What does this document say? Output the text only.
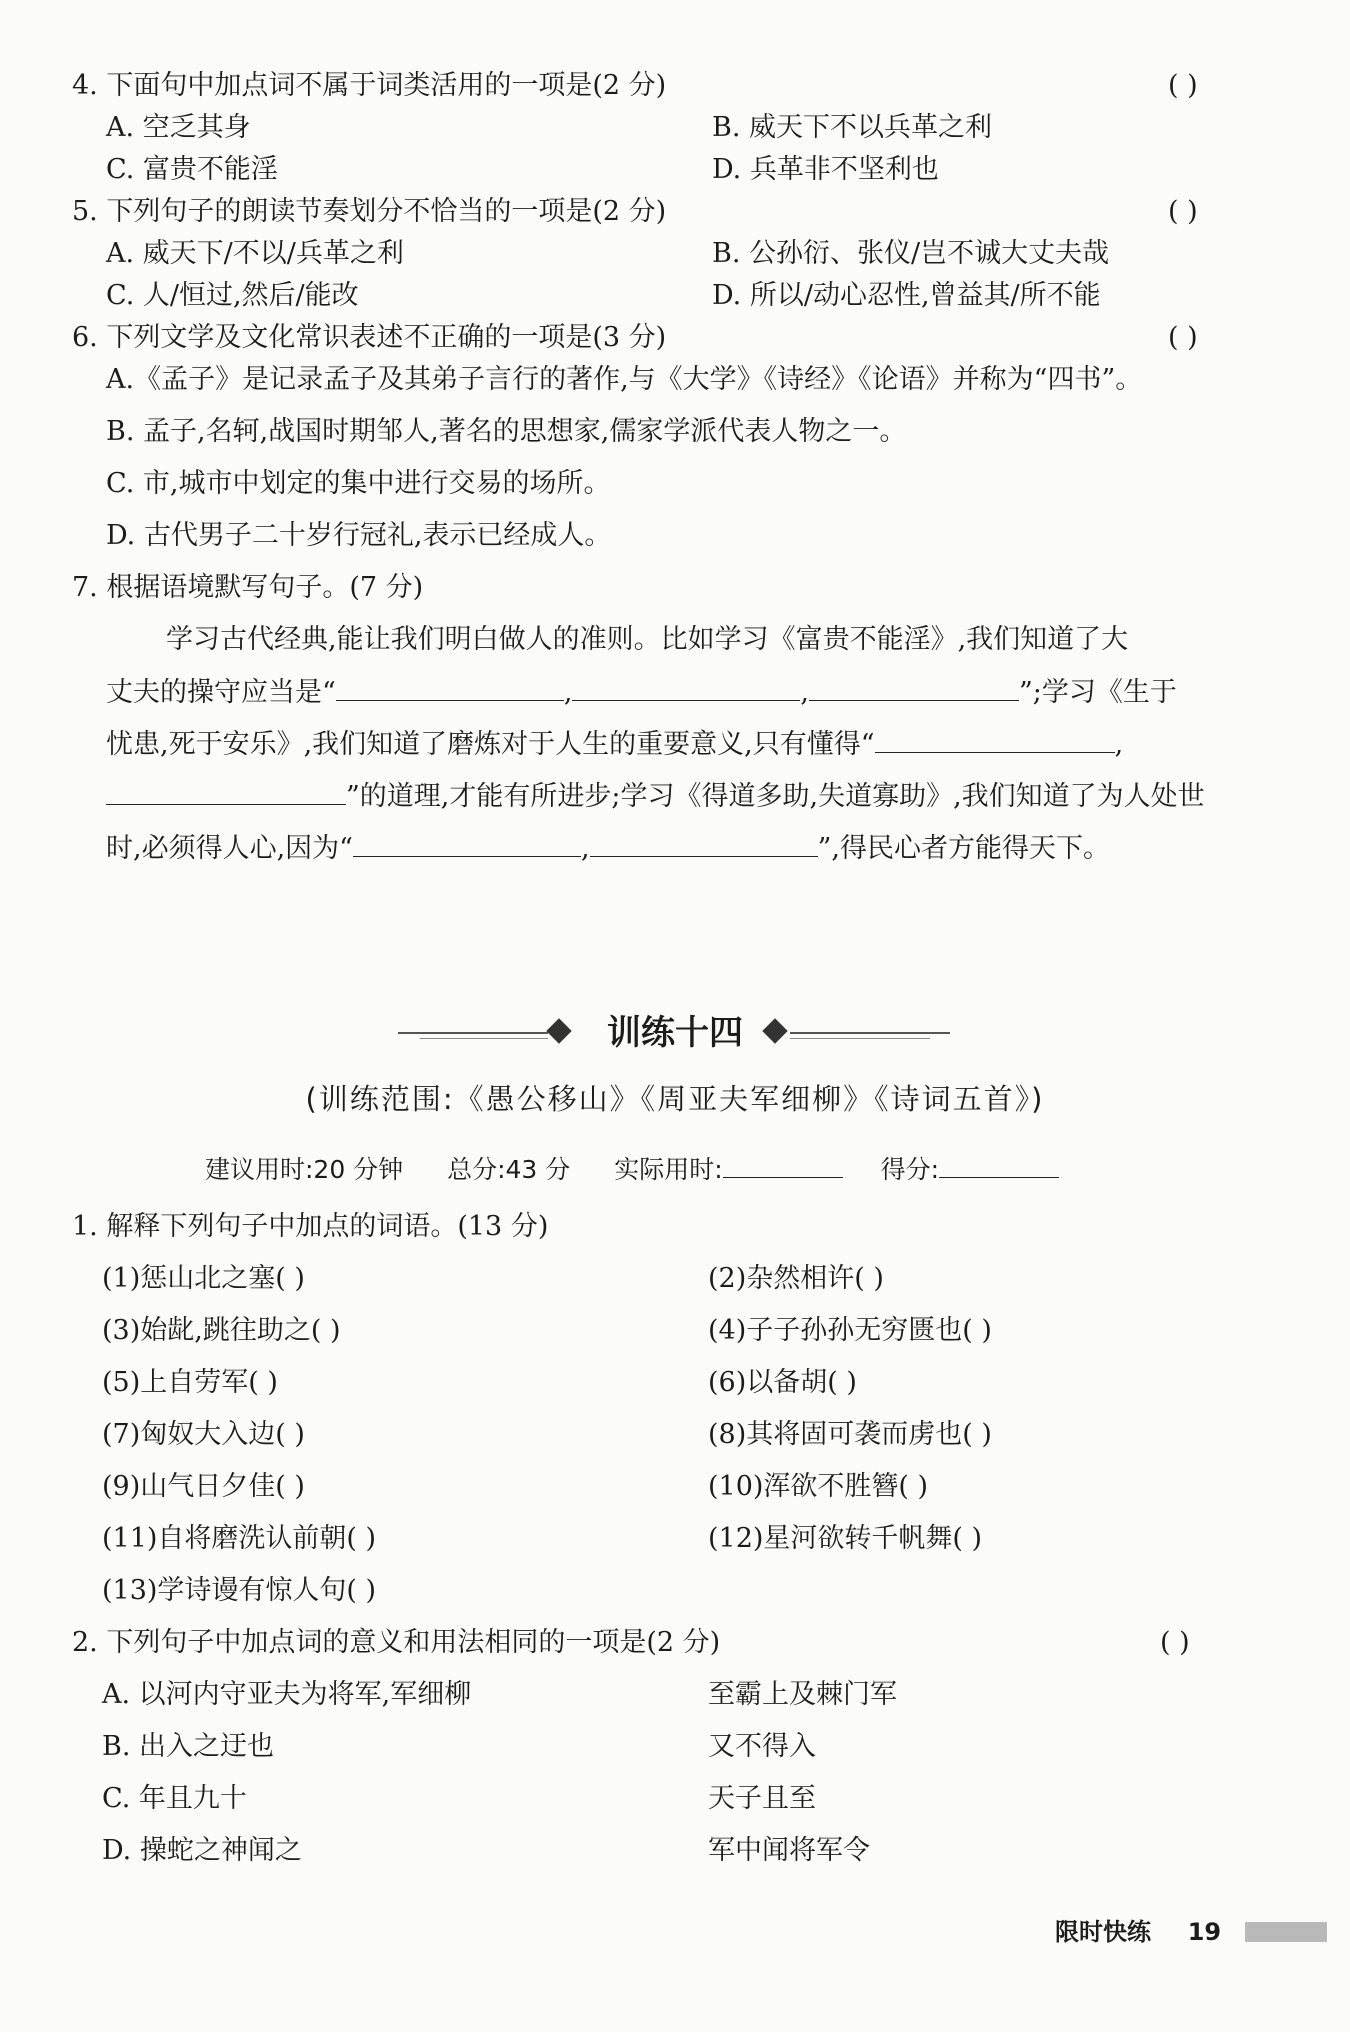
4. 下面句中加点词不属于词类活用的一项是(2 分)	( )
A. 空乏其身	B. 威天下不以兵革之利
C. 富贵不能淫	D. 兵革非不坚利也
5. 下列句子的朗读节奏划分不恰当的一项是(2 分)	( )
A. 威天下/不以/兵革之利	B. 公孙衍、张仪/岂不诚大丈夫哉
C. 人/恒过,然后/能改	D. 所以/动心忍性,曾益其/所不能
6. 下列文学及文化常识表述不正确的一项是(3 分)	( )
A.《孟子》是记录孟子及其弟子言行的著作,与《大学》《诗经》《论语》并称为“四书”。
B. 孟子,名轲,战国时期邹人,著名的思想家,儒家学派代表人物之一。
C. 市,城市中划定的集中进行交易的场所。
D. 古代男子二十岁行冠礼,表示已经成人。
7. 根据语境默写句子。(7 分)
学习古代经典,能让我们明白做人的准则。比如学习《富贵不能淫》,我们知道了大
丈夫的操守应当是“	,	,	”;学习《生于
忧患,死于安乐》,我们知道了磨炼对于人生的重要意义,只有懂得“	,
”的道理,才能有所进步;学习《得道多助,失道寡助》,我们知道了为人处世
时,必须得人心,因为“	,	”,得民心者方能得天下。
训练十四
(训练范围:《愚公移山》《周亚夫军细柳》《诗词五首》)
建议用时:20 分钟 总分:43 分 实际用时:	得分:
1. 解释下列句子中加点的词语。(13 分)
(1)惩山北之塞( )	(2)杂然相许( )
(3)始龀,跳往助之( )	(4)子子孙孙无穷匮也( )
(5)上自劳军( )	(6)以备胡( )
(7)匈奴大入边( )	(8)其将固可袭而虏也( )
(9)山气日夕佳( )	(10)浑欲不胜簪( )
(11)自将磨洗认前朝( )	(12)星河欲转千帆舞( )
(13)学诗谩有惊人句( )
2. 下列句子中加点词的意义和用法相同的一项是(2 分)	( )
A. 以河内守亚夫为将军,军细柳	至霸上及棘门军
B. 出入之迂也	又不得入
C. 年且九十	天子且至
D. 操蛇之神闻之	军中闻将军令
限时快练 19
